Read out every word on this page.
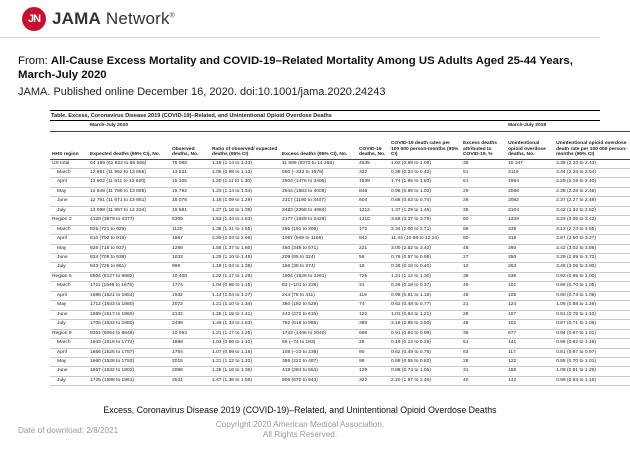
JN JAMA Network®
From: All-Cause Excess Mortality and COVID-19–Related Mortality Among US Adults Aged 25-44 Years, March-July 2020
JAMA. Published online December 16, 2020. doi:10.1001/jama.2020.24243
Table. Excess, Coronavirus Disease 2019 (COVID-19)–Related, and Unintentional Opioid Overdose Deaths
	March-July 2020							March-July 2018	
HHS region	Expected deaths (95% CI), No.	Observed deaths, No.	Ratio of observed/ expected deaths (95% CI)	Excess deaths (95% CI), No.	COVID-19 deaths, No.	COVID-19 death rates per 100 000 person-months (95% CI)	Excess deaths attributed to COVID-19, %	Unintentional opioid overdose deaths, No.	Unintentional opioid overdose death rate per 100 000 person-months (95% CI)
US total	64 189 (61 822 to 66 556)	76 088	1.19 (1.14 to 1.23)	11 899 (9373 to 14 266)	4535	1.02 (0.99 to 1.06)	38	10 347	2.38 (2.33 to 2.43)
March	12 881 (11 952 to 13 855)	13 531	1.05 (0.98 to 1.13)	650 (−333 to 1579)	332	0.38 (0.34 to 0.42)	51	2119	2.44 (2.33 to 2.54)
April	12 602 (11 611 to 13 620)	15 106	1.20 (1.11 to 1.30)	2504 (1476 to 3495)	1539	1.74 (1.65 to 1.83)	61	1994	2.29 (2.19 to 2.40)
May	12 848 (11 786 to 13 895)	15 792	1.23 (1.14 to 1.34)	2944 (1883 to 4006)	848	0.96 (0.89 to 1.03)	29	2068	2.38 (2.28 to 2.48)
June	12 761 (11 671 to 13 851)	15 078	1.18 (1.09 to 1.29)	2317 (1190 to 3407)	604	0.68 (0.63 to 0.74)	26	2062	2.37 (2.27 to 2.48)
July	13 098 (11 897 to 14 234)	16 581	1.27 (1.16 to 1.39)	3483 (2258 to 4684)	1212	1.37 (1.29 to 1.45)	35	2104	2.42 (2.32 to 2.52)
Region 2	4128 (3879 to 4377)	6305	1.53 (1.44 to 1.63)	2177 (1928 to 2426)	1310	3.56 (3.37 to 3.76)	60	1229	3.23 (3.05 to 3.42)
March	825 (721 to 929)	1120	1.36 (1.21 to 1.55)	295 (191 to 399)	172	2.34 (2.00 to 2.71)	58	238	3.13 (2.74 to 3.55)
April	810 (702 to 918)	1867	2.30 (2.03 to 2.66)	1057 (949 to 1165)	842	11.44 (10.68 to 12.24)	80	218	2.87 (2.50 to 3.27)
May	826 (715 to 937)	1286	1.56 (1.37 to 1.80)	460 (349 to 571)	221	3.00 (2.62 to 3.42)	48	260	3.42 (3.02 to 3.86)
June	824 (709 to 938)	1033	1.25 (1.10 to 1.46)	209 (95 to 324)	56	0.76 (0.57 to 0.99)	27	250	3.29 (2.89 to 3.72)
July	843 (725 to 961)	999	1.18 (1.04 to 1.38)	156 (38 to 274)	19	0.26 (0.16 to 0.40)	12	263	3.46 (3.05 to 3.90)
Region 6	8504 (8127 to 8882)	10 408	1.22 (1.17 to 1.28)	1904 (1526 to 2281)	725	1.21 (1.12 to 1.30)	38	539	0.92 (0.85 to 1.00)
March	1711 (1546 to 1875)	1774	1.04 (0.95 to 1.15)	63 (−101 to 228)	31	0.26 (0.18 to 0.37)	49	101	0.86 (0.70 to 1.05)
April	1688 (1521 to 1854)	1932	1.14 (1.04 to 1.27)	244 (78 to 411)	118	0.98 (0.81 to 1.18)	48	105	0.90 (0.73 to 1.09)
May	1712 (1543 to 1880)	2072	1.21 (1.10 to 1.34)	360 (192 to 529)	74	0.62 (0.48 to 0.77)	21	124	1.06 (0.88 to 1.26)
June	1689 (1517 to 1860)	2132	1.26 (1.15 to 1.41)	443 (272 to 615)	122	1.01 (0.84 to 1.21)	28	107	0.91 (0.75 to 1.10)
July	1706 (1533 to 1880)	2498	1.46 (1.33 to 1.63)	792 (618 to 965)	380	3.16 (2.85 to 3.50)	48	102	0.87 (0.71 to 1.06)
Region 9	8351 (8054 to 8648)	10 094	1.21 (1.17 to 1.25)	1743 (1446 to 2040)	668	0.91 (0.84 to 0.99)	38	677	0.94 (0.87 to 1.01)
March	1643 (1515 to 1772)	1698	1.03 (0.96 to 1.12)	55 (−74 to 183)	28	0.19 (0.13 to 0.28)	51	141	0.98 (0.82 to 1.15)
April	1656 (1525 to 1787)	1764	1.07 (0.99 to 1.16)	108 (−23 to 239)	90	0.62 (0.49 to 0.76)	83	117	0.81 (0.67 to 0.97)
May	1660 (1528 to 1793)	2015	1.21 (1.12 to 1.32)	355 (222 to 487)	99	0.68 (0.55 to 0.82)	28	122	0.85 (0.70 to 1.01)
June	1667 (1532 to 1802)	2086	1.25 (1.16 to 1.36)	419 (284 to 554)	129	0.88 (0.74 to 1.05)	31	155	1.08 (0.91 to 1.26)
July	1725 (1588 to 1861)	2531	1.47 (1.36 to 1.59)	806 (670 to 943)	322	2.20 (1.97 to 2.46)	40	142	0.99 (0.83 to 1.16)
Excess, Coronavirus Disease 2019 (COVID-19)–Related, and Unintentional Opioid Overdose Deaths
Date of download: 2/8/2021
Copyright 2020 American Medical Association.
All Rights Reserved.
